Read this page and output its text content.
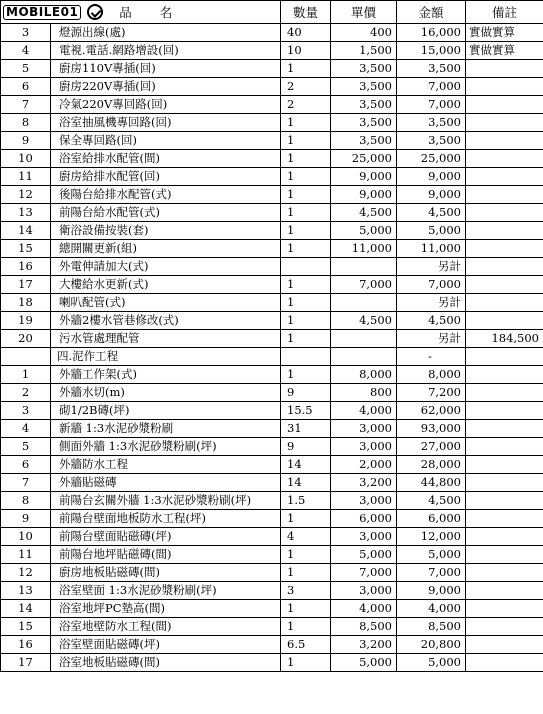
MOBILE01 品 名		數量	單價	金額	備註
3	燈源出線(處)	40	400	16,000	實做實算
4	電視.電話.網路增設(回)	10	1,500	15,000	實做實算
5	廚房110V專插(回)	1	3,500	3,500	
6	廚房220V專插(回)	2	3,500	7,000	
7	冷氣220V專回路(回)	2	3,500	7,000	
8	浴室抽風機專回路(回)	1	3,500	3,500	
9	保全專回路(回)	1	3,500	3,500	
10	浴室給排水配管(間)	1	25,000	25,000	
11	廚房給排水配管(回)	1	9,000	9,000	
12	後陽台給排水配管(式)	1	9,000	9,000	
13	前陽台給水配管(式)	1	4,500	4,500	
14	衛浴設備按裝(套)	1	5,000	5,000	
15	總開關更新(組)	1	11,000	11,000	
16	外電伸請加大(式)			另計	
17	大樓給水更新(式)	1	7,000	7,000	
18	喇叭配管(式)	1		另計	
19	外牆2樓水管巷修改(式)	1	4,500	4,500	
20	污水管處理配管	1		另計	184,500
	四.泥作工程			-	
1	外牆工作架(式)	1	8,000	8,000	
2	外牆水切(m)	9	800	7,200	
3	砌1/2B磚(坪)	15.5	4,000	62,000	
4	新牆 1:3水泥砂漿粉刷	31	3,000	93,000	
5	側面外牆 1:3水泥砂漿粉刷(坪)	9	3,000	27,000	
6	外牆防水工程	14	2,000	28,000	
7	外牆貼磁磚	14	3,200	44,800	
8	前陽台玄關外牆 1:3水泥砂漿粉刷(坪)	1.5	3,000	4,500	
9	前陽台壁面地板防水工程(坪)	1	6,000	6,000	
10	前陽台壁面貼磁磚(坪)	4	3,000	12,000	
11	前陽台地坪貼磁磚(間)	1	5,000	5,000	
12	廚房地板貼磁磚(間)	1	7,000	7,000	
13	浴室壁面 1:3水泥砂漿粉刷(坪)	3	3,000	9,000	
14	浴室地坪PC墊高(間)	1	4,000	4,000	
15	浴室地壁防水工程(間)	1	8,500	8,500	
16	浴室壁面貼磁磚(坪)	6.5	3,200	20,800	
17	浴室地板貼磁磚(間)	1	5,000	5,000	
